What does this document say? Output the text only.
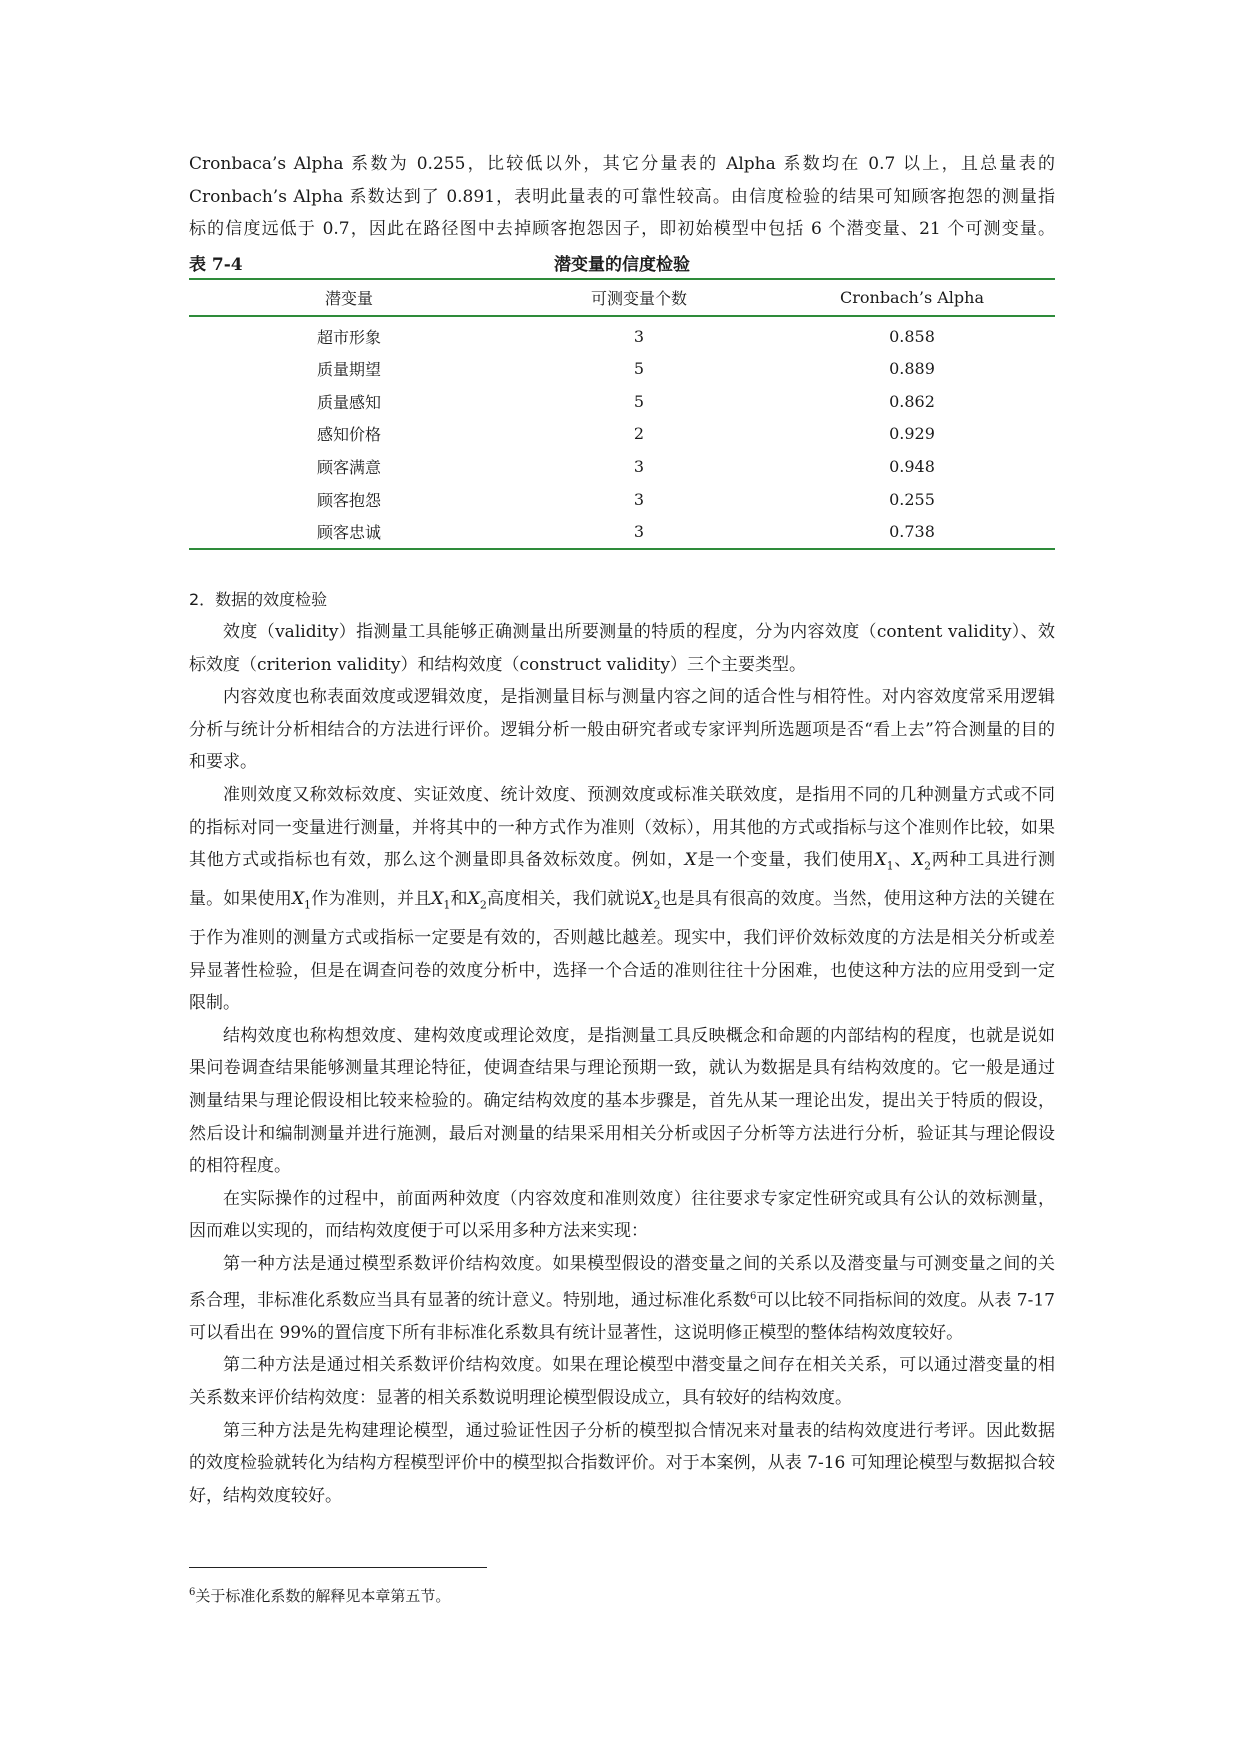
Cronbaca’s Alpha 系数为 0.255，比较低以外，其它分量表的 Alpha 系数均在 0.7 以上，且总量表的

Cronbach’s Alpha 系数达到了 0.891，表明此量表的可靠性较高。由信度检验的结果可知顾客抱怨的测量指

标的信度远低于 0.7，因此在路径图中去掉顾客抱怨因子，即初始模型中包括 6 个潜变量、21 个可测变量。

表 7-4	潜变量的信度检验
潜变量	可测变量个数	Cronbach’s Alpha

超市形象	3	0.858
质量期望	5	0.889
质量感知	5	0.862
感知价格	2	0.929
顾客满意	3	0.948
顾客抱怨	3	0.255
顾客忠诚	3	0.738
2．数据的效度检验

效度（validity）指测量工具能够正确测量出所要测量的特质的程度，分为内容效度（content validity）、效标效度（criterion validity）和结构效度（construct validity）三个主要类型。

内容效度也称表面效度或逻辑效度，是指测量目标与测量内容之间的适合性与相符性。对内容效度常采用逻辑分析与统计分析相结合的方法进行评价。逻辑分析一般由研究者或专家评判所选题项是否“看上去”符合测量的目的和要求。

准则效度又称效标效度、实证效度、统计效度、预测效度或标准关联效度，是指用不同的几种测量方式或不同的指标对同一变量进行测量，并将其中的一种方式作为准则（效标），用其他的方式或指标与这个准则作比较，如果其他方式或指标也有效，那么这个测量即具备效标效度。例如，X是一个变量，我们使用$X_1$、$X_2$两种工具进行测量。如果使用$X_1$作为准则，并且$X_1$和$X_2$高度相关，我们就说$X_2$也是具有很高的效度。当然，使用这种方法的关键在于作为准则的测量方式或指标一定要是有效的，否则越比越差。现实中，我们评价效标效度的方法是相关分析或差异显著性检验，但是在调查问卷的效度分析中，选择一个合适的准则往往十分困难，也使这种方法的应用受到一定限制。

结构效度也称构想效度、建构效度或理论效度，是指测量工具反映概念和命题的内部结构的程度，也就是说如果问卷调查结果能够测量其理论特征，使调查结果与理论预期一致，就认为数据是具有结构效度的。它一般是通过测量结果与理论假设相比较来检验的。确定结构效度的基本步骤是，首先从某一理论出发，提出关于特质的假设，然后设计和编制测量并进行施测，最后对测量的结果采用相关分析或因子分析等方法进行分析，验证其与理论假设的相符程度。

在实际操作的过程中，前面两种效度（内容效度和准则效度）往往要求专家定性研究或具有公认的效标测量，因而难以实现的，而结构效度便于可以采用多种方法来实现：

第一种方法是通过模型系数评价结构效度。如果模型假设的潜变量之间的关系以及潜变量与可测变量之间的关系合理，非标准化系数应当具有显著的统计意义。特别地，通过标准化系数$^6$可以比较不同指标间的效度。从表 7-17 可以看出在 99%的置信度下所有非标准化系数具有统计显著性，这说明修正模型的整体结构效度较好。

第二种方法是通过相关系数评价结构效度。如果在理论模型中潜变量之间存在相关关系，可以通过潜变量的相关系数来评价结构效度：显著的相关系数说明理论模型假设成立，具有较好的结构效度。

第三种方法是先构建理论模型，通过验证性因子分析的模型拟合情况来对量表的结构效度进行考评。因此数据的效度检验就转化为结构方程模型评价中的模型拟合指数评价。对于本案例，从表 7-16 可知理论模型与数据拟合较好，结构效度较好。

$^6$关于标准化系数的解释见本章第五节。
